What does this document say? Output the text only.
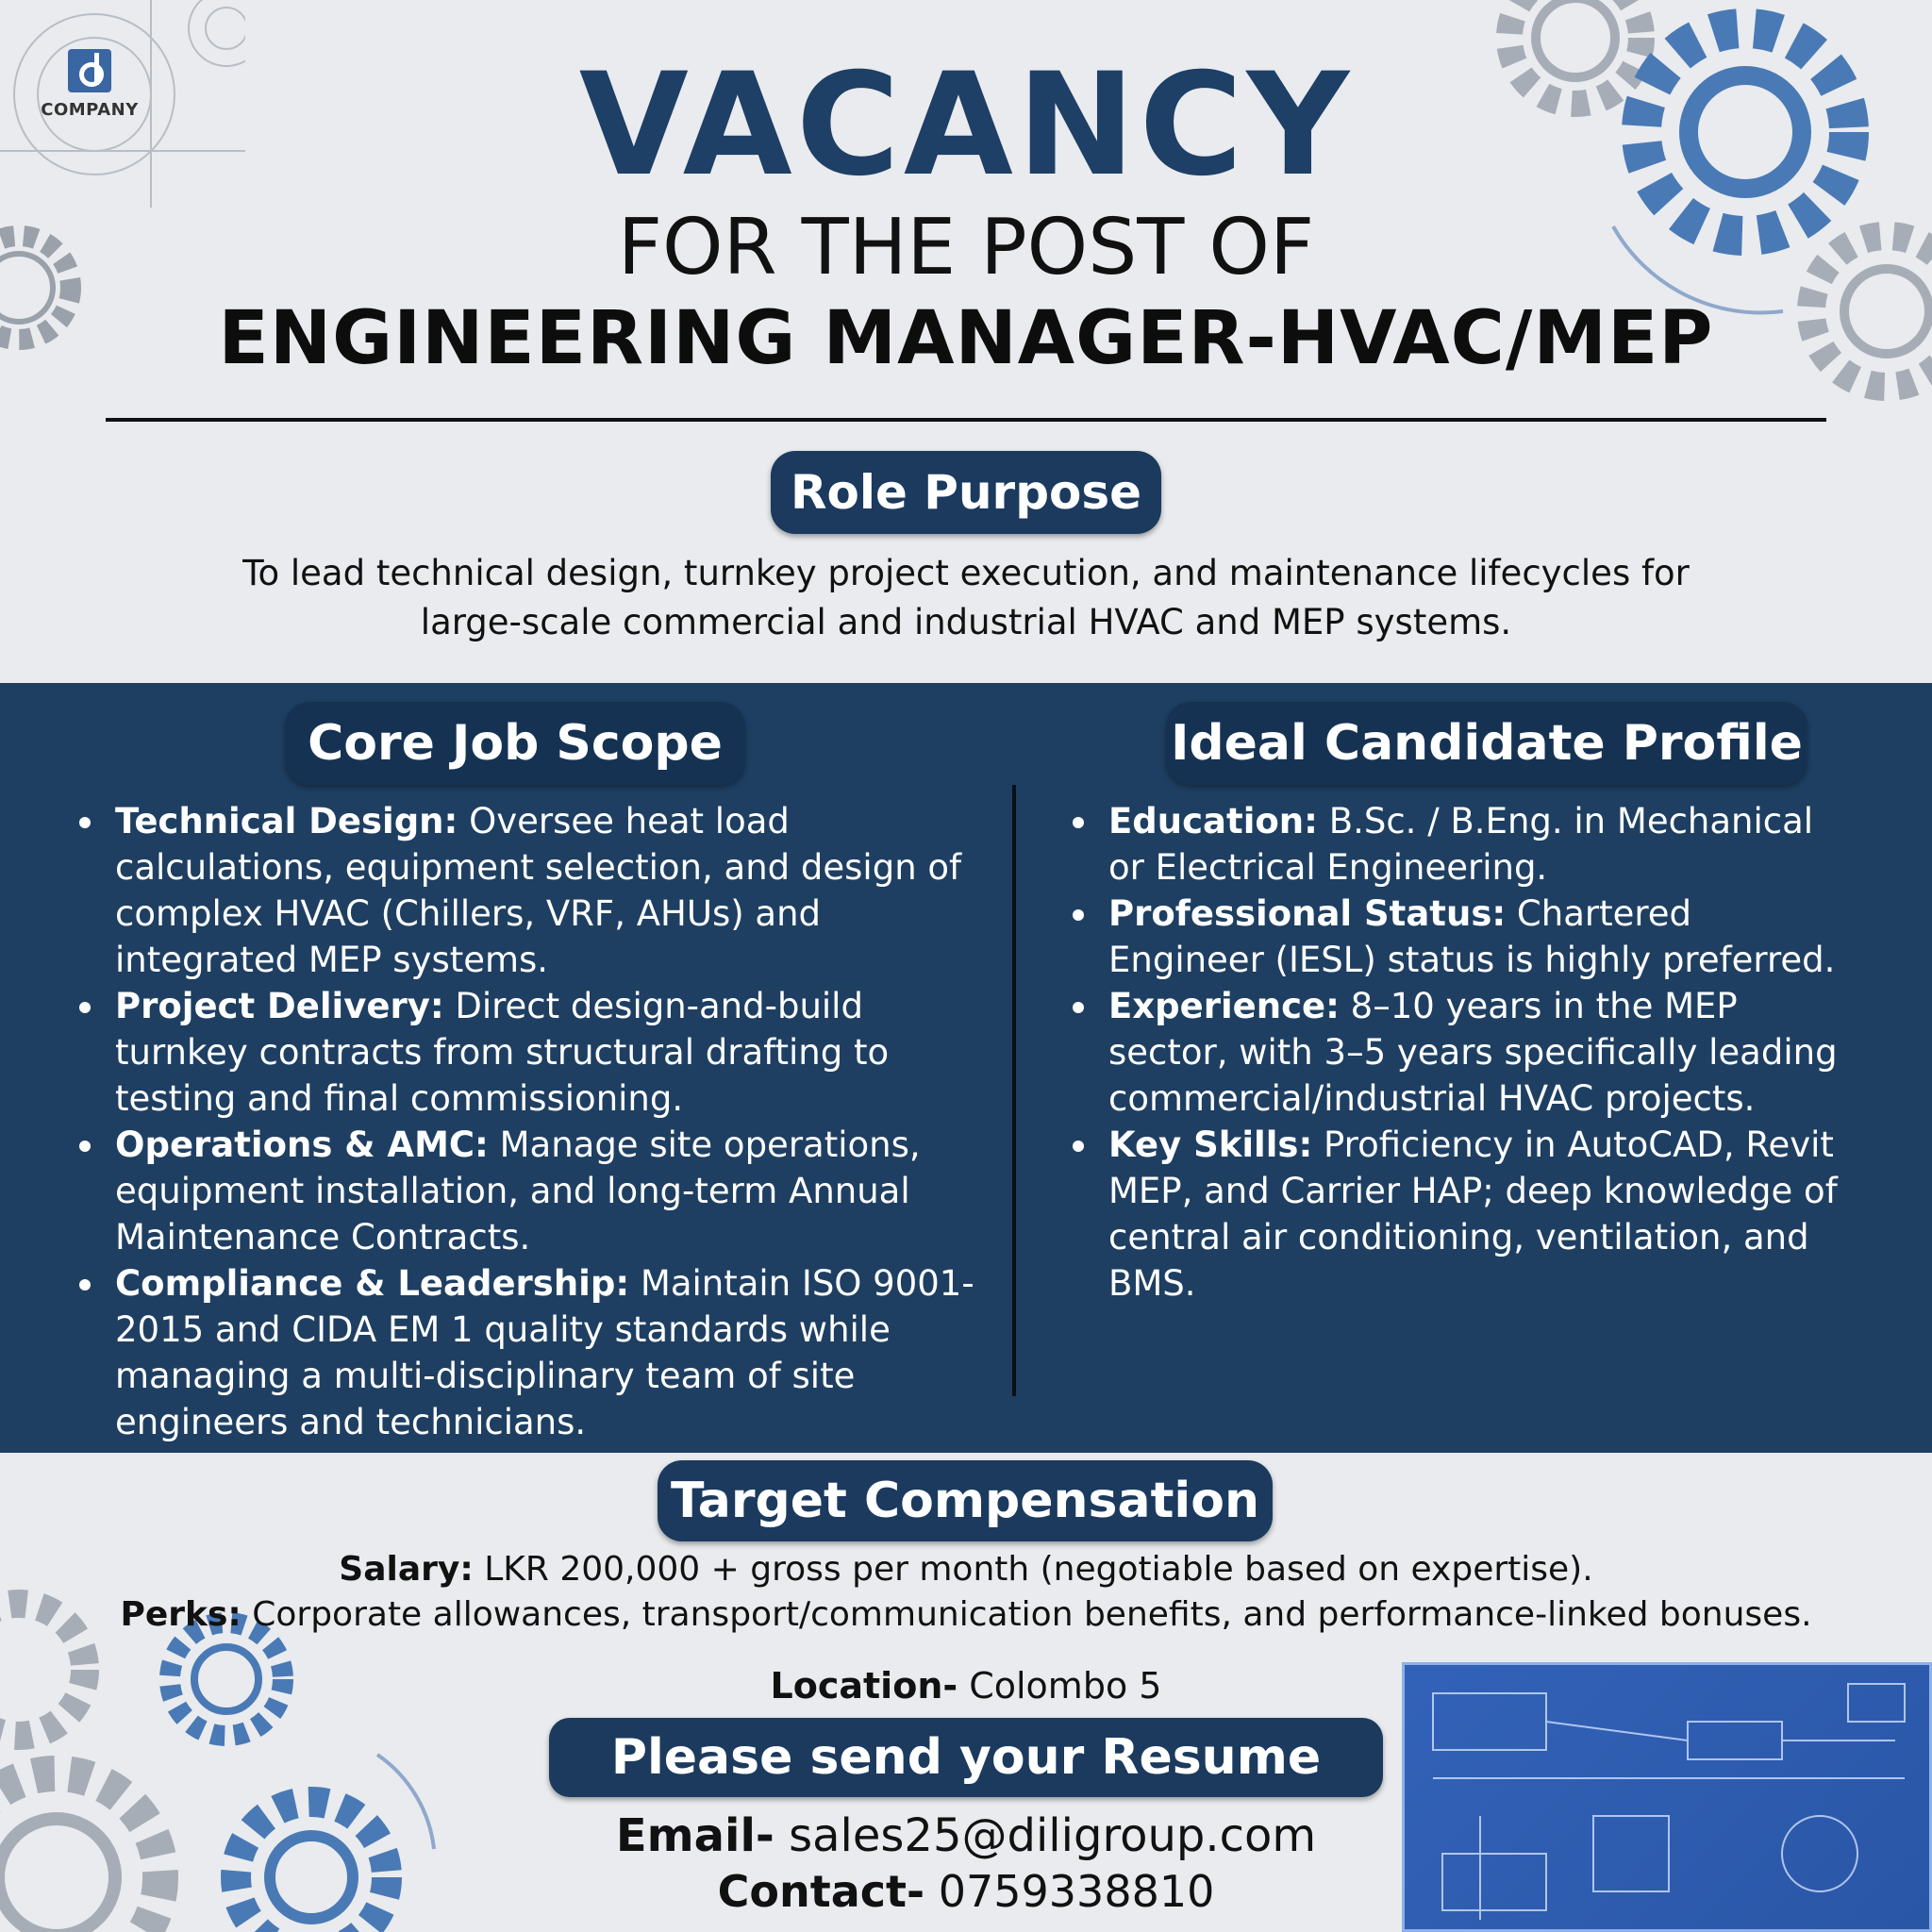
COMPANY	VACANCY
FOR THE POST OF
ENGINEERING MANAGER-HVAC/MEP
Role Purpose
To lead technical design, turnkey project execution, and maintenance lifecycles for
large-scale commercial and industrial HVAC and MEP systems.
Core Job Scope	Ideal Candidate Profile
Technical Design: Oversee heat load calculations, equipment selection, and design of complex HVAC (Chillers, VRF, AHUs) and integrated MEP systems.
Project Delivery: Direct design-and-build turnkey contracts from structural drafting to testing and final commissioning.
Operations & AMC: Manage site operations, equipment installation, and long-term Annual Maintenance Contracts.
Compliance & Leadership: Maintain ISO 9001-2015 and CIDA EM 1 quality standards while managing a multi-disciplinary team of site engineers and technicians.
Education: B.Sc. / B.Eng. in Mechanical or Electrical Engineering.
Professional Status: Chartered Engineer (IESL) status is highly preferred.
Experience: 8–10 years in the MEP sector, with 3–5 years specifically leading commercial/industrial HVAC projects.
Key Skills: Proficiency in AutoCAD, Revit MEP, and Carrier HAP; deep knowledge of central air conditioning, ventilation, and BMS.
Target Compensation
Salary: LKR 200,000 + gross per month (negotiable based on expertise).
Perks: Corporate allowances, transport/communication benefits, and performance-linked bonuses.
Location- Colombo 5
Please send your Resume
Email- sales25@diligroup.com
Contact- 0759338810
